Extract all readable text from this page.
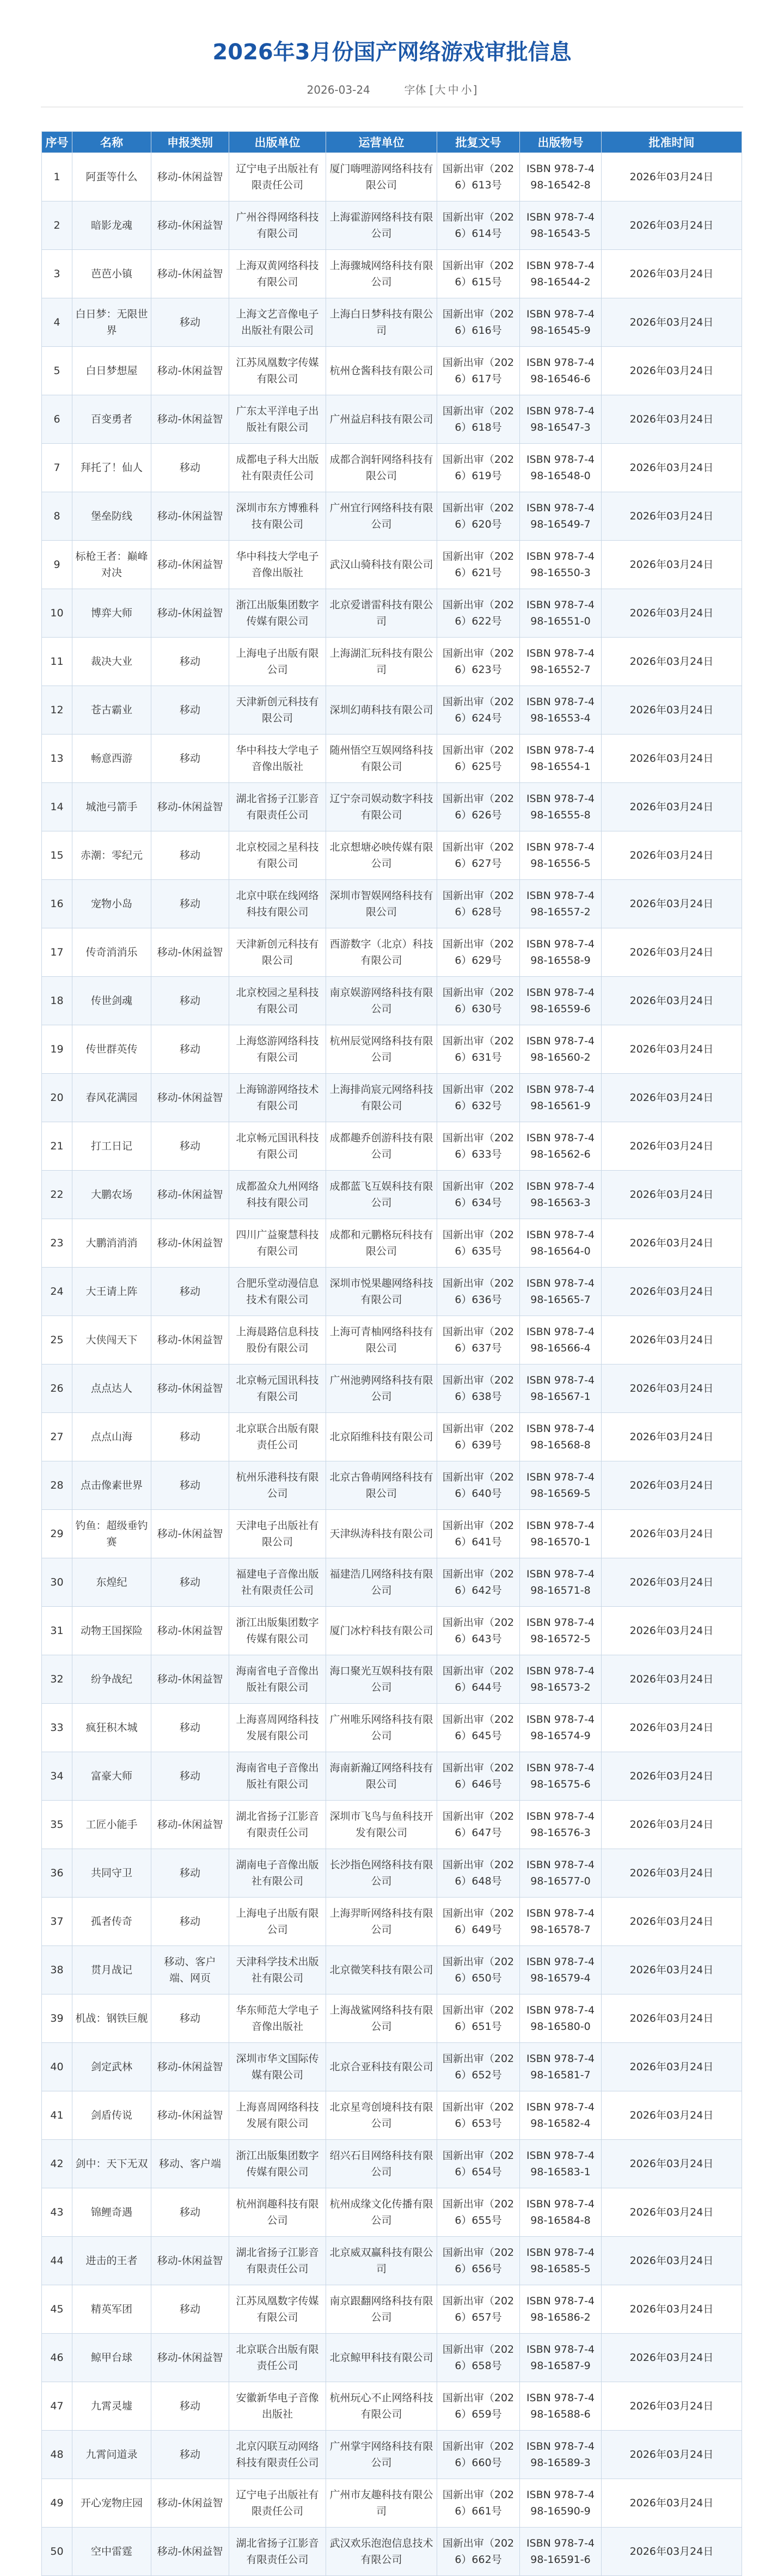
2026年3月份国产网络游戏审批信息
2026-03-24	字体 [ 大 中 小 ]
序号	名称	申报类别	出版单位	运营单位	批复文号	出版物号	批准时间
1	阿蛋等什么	移动-休闲益智	辽宁电子出版社有限责任公司	厦门嗨哩游网络科技有限公司	国新出审（2026）613号	ISBN 978-7-498-16542-8	2026年03月24日
2	暗影龙魂	移动-休闲益智	广州谷得网络科技有限公司	上海霍游网络科技有限公司	国新出审（2026）614号	ISBN 978-7-498-16543-5	2026年03月24日
3	芭芭小镇	移动-休闲益智	上海双黄网络科技有限公司	上海骤城网络科技有限公司	国新出审（2026）615号	ISBN 978-7-498-16544-2	2026年03月24日
4	白日梦：无限世界	移动	上海文艺音像电子出版社有限公司	上海白日梦科技有限公司	国新出审（2026）616号	ISBN 978-7-498-16545-9	2026年03月24日
5	白日梦想屋	移动-休闲益智	江苏凤凰数字传媒有限公司	杭州仓酱科技有限公司	国新出审（2026）617号	ISBN 978-7-498-16546-6	2026年03月24日
6	百变勇者	移动-休闲益智	广东太平洋电子出版社有限公司	广州益启科技有限公司	国新出审（2026）618号	ISBN 978-7-498-16547-3	2026年03月24日
7	拜托了！仙人	移动	成都电子科大出版社有限责任公司	成都合润轩网络科技有限公司	国新出审（2026）619号	ISBN 978-7-498-16548-0	2026年03月24日
8	堡垒防线	移动-休闲益智	深圳市东方博雅科技有限公司	广州宜行网络科技有限公司	国新出审（2026）620号	ISBN 978-7-498-16549-7	2026年03月24日
9	标枪王者：巅峰对决	移动-休闲益智	华中科技大学电子音像出版社	武汉山骑科技有限公司	国新出审（2026）621号	ISBN 978-7-498-16550-3	2026年03月24日
10	博弈大师	移动-休闲益智	浙江出版集团数字传媒有限公司	北京爱谱雷科技有限公司	国新出审（2026）622号	ISBN 978-7-498-16551-0	2026年03月24日
11	裁决大业	移动	上海电子出版有限公司	上海湖汇玩科技有限公司	国新出审（2026）623号	ISBN 978-7-498-16552-7	2026年03月24日
12	苍古霸业	移动	天津新创元科技有限公司	深圳幻萌科技有限公司	国新出审（2026）624号	ISBN 978-7-498-16553-4	2026年03月24日
13	畅意西游	移动	华中科技大学电子音像出版社	随州悟空互娱网络科技有限公司	国新出审（2026）625号	ISBN 978-7-498-16554-1	2026年03月24日
14	城池弓箭手	移动-休闲益智	湖北省扬子江影音有限责任公司	辽宁奈司娱动数字科技有限公司	国新出审（2026）626号	ISBN 978-7-498-16555-8	2026年03月24日
15	赤潮：零纪元	移动	北京校园之星科技有限公司	北京想塘必映传媒有限公司	国新出审（2026）627号	ISBN 978-7-498-16556-5	2026年03月24日
16	宠物小岛	移动	北京中联在线网络科技有限公司	深圳市智娱网络科技有限公司	国新出审（2026）628号	ISBN 978-7-498-16557-2	2026年03月24日
17	传奇消消乐	移动-休闲益智	天津新创元科技有限公司	酉游数字（北京）科技有限公司	国新出审（2026）629号	ISBN 978-7-498-16558-9	2026年03月24日
18	传世剑魂	移动	北京校园之星科技有限公司	南京娱游网络科技有限公司	国新出审（2026）630号	ISBN 978-7-498-16559-6	2026年03月24日
19	传世群英传	移动	上海悠游网络科技有限公司	杭州辰觉网络科技有限公司	国新出审（2026）631号	ISBN 978-7-498-16560-2	2026年03月24日
20	春风花满园	移动-休闲益智	上海锦游网络技术有限公司	上海排尚宸元网络科技有限公司	国新出审（2026）632号	ISBN 978-7-498-16561-9	2026年03月24日
21	打工日记	移动	北京畅元国讯科技有限公司	成都趣乔创游科技有限公司	国新出审（2026）633号	ISBN 978-7-498-16562-6	2026年03月24日
22	大鹏农场	移动-休闲益智	成都盈众九州网络科技有限公司	成都蓝飞互娱科技有限公司	国新出审（2026）634号	ISBN 978-7-498-16563-3	2026年03月24日
23	大鹏消消消	移动-休闲益智	四川广益聚慧科技有限公司	成都和元鹏格玩科技有限公司	国新出审（2026）635号	ISBN 978-7-498-16564-0	2026年03月24日
24	大王请上阵	移动	合肥乐堂动漫信息技术有限公司	深圳市悦果趣网络科技有限公司	国新出审（2026）636号	ISBN 978-7-498-16565-7	2026年03月24日
25	大侠闯天下	移动-休闲益智	上海晨路信息科技股份有限公司	上海可青柚网络科技有限公司	国新出审（2026）637号	ISBN 978-7-498-16566-4	2026年03月24日
26	点点达人	移动-休闲益智	北京畅元国讯科技有限公司	广州池骋网络科技有限公司	国新出审（2026）638号	ISBN 978-7-498-16567-1	2026年03月24日
27	点点山海	移动	北京联合出版有限责任公司	北京陌维科技有限公司	国新出审（2026）639号	ISBN 978-7-498-16568-8	2026年03月24日
28	点击像素世界	移动	杭州乐港科技有限公司	北京古鲁萌网络科技有限公司	国新出审（2026）640号	ISBN 978-7-498-16569-5	2026年03月24日
29	钓鱼：超级垂钓赛	移动-休闲益智	天津电子出版社有限公司	天津纵涛科技有限公司	国新出审（2026）641号	ISBN 978-7-498-16570-1	2026年03月24日
30	东煌纪	移动	福建电子音像出版社有限责任公司	福建浩几网络科技有限公司	国新出审（2026）642号	ISBN 978-7-498-16571-8	2026年03月24日
31	动物王国探险	移动-休闲益智	浙江出版集团数字传媒有限公司	厦门冰柠科技有限公司	国新出审（2026）643号	ISBN 978-7-498-16572-5	2026年03月24日
32	纷争战纪	移动-休闲益智	海南省电子音像出版社有限公司	海口聚光互娱科技有限公司	国新出审（2026）644号	ISBN 978-7-498-16573-2	2026年03月24日
33	疯狂积木城	移动	上海喜周网络科技发展有限公司	广州唯乐网络科技有限公司	国新出审（2026）645号	ISBN 978-7-498-16574-9	2026年03月24日
34	富豪大师	移动	海南省电子音像出版社有限公司	海南新瀚辽网络科技有限公司	国新出审（2026）646号	ISBN 978-7-498-16575-6	2026年03月24日
35	工匠小能手	移动-休闲益智	湖北省扬子江影音有限责任公司	深圳市飞鸟与鱼科技开发有限公司	国新出审（2026）647号	ISBN 978-7-498-16576-3	2026年03月24日
36	共同守卫	移动	湖南电子音像出版社有限公司	长沙指色网络科技有限公司	国新出审（2026）648号	ISBN 978-7-498-16577-0	2026年03月24日
37	孤者传奇	移动	上海电子出版有限公司	上海羿昕网络科技有限公司	国新出审（2026）649号	ISBN 978-7-498-16578-7	2026年03月24日
38	贯月战记	移动、客户端、网页	天津科学技术出版社有限公司	北京微笑科技有限公司	国新出审（2026）650号	ISBN 978-7-498-16579-4	2026年03月24日
39	机战：钢铁巨舰	移动	华东师范大学电子音像出版社	上海战鲨网络科技有限公司	国新出审（2026）651号	ISBN 978-7-498-16580-0	2026年03月24日
40	剑定武林	移动-休闲益智	深圳市华文国际传媒有限公司	北京合亚科技有限公司	国新出审（2026）652号	ISBN 978-7-498-16581-7	2026年03月24日
41	剑盾传说	移动-休闲益智	上海喜周网络科技发展有限公司	北京星弯创境科技有限公司	国新出审（2026）653号	ISBN 978-7-498-16582-4	2026年03月24日
42	剑中：天下无双	移动、客户端	浙江出版集团数字传媒有限公司	绍兴石目网络科技有限公司	国新出审（2026）654号	ISBN 978-7-498-16583-1	2026年03月24日
43	锦鲤奇遇	移动	杭州润趣科技有限公司	杭州成缘文化传播有限公司	国新出审（2026）655号	ISBN 978-7-498-16584-8	2026年03月24日
44	进击的王者	移动-休闲益智	湖北省扬子江影音有限责任公司	北京威双赢科技有限公司	国新出审（2026）656号	ISBN 978-7-498-16585-5	2026年03月24日
45	精英军团	移动	江苏凤凰数字传媒有限公司	南京跟翻网络科技有限公司	国新出审（2026）657号	ISBN 978-7-498-16586-2	2026年03月24日
46	鲸甲台球	移动-休闲益智	北京联合出版有限责任公司	北京鲸甲科技有限公司	国新出审（2026）658号	ISBN 978-7-498-16587-9	2026年03月24日
47	九霄灵墟	移动	安徽新华电子音像出版社	杭州玩心不止网络科技有限公司	国新出审（2026）659号	ISBN 978-7-498-16588-6	2026年03月24日
48	九霄问道录	移动	北京闪联互动网络科技有限责任公司	广州掌宇网络科技有限公司	国新出审（2026）660号	ISBN 978-7-498-16589-3	2026年03月24日
49	开心宠物庄园	移动-休闲益智	辽宁电子出版社有限责任公司	广州市友趣科技有限公司	国新出审（2026）661号	ISBN 978-7-498-16590-9	2026年03月24日
50	空中雷霆	移动-休闲益智	湖北省扬子江影音有限责任公司	武汉欢乐泡泡信息技术有限公司	国新出审（2026）662号	ISBN 978-7-498-16591-6	2026年03月24日
